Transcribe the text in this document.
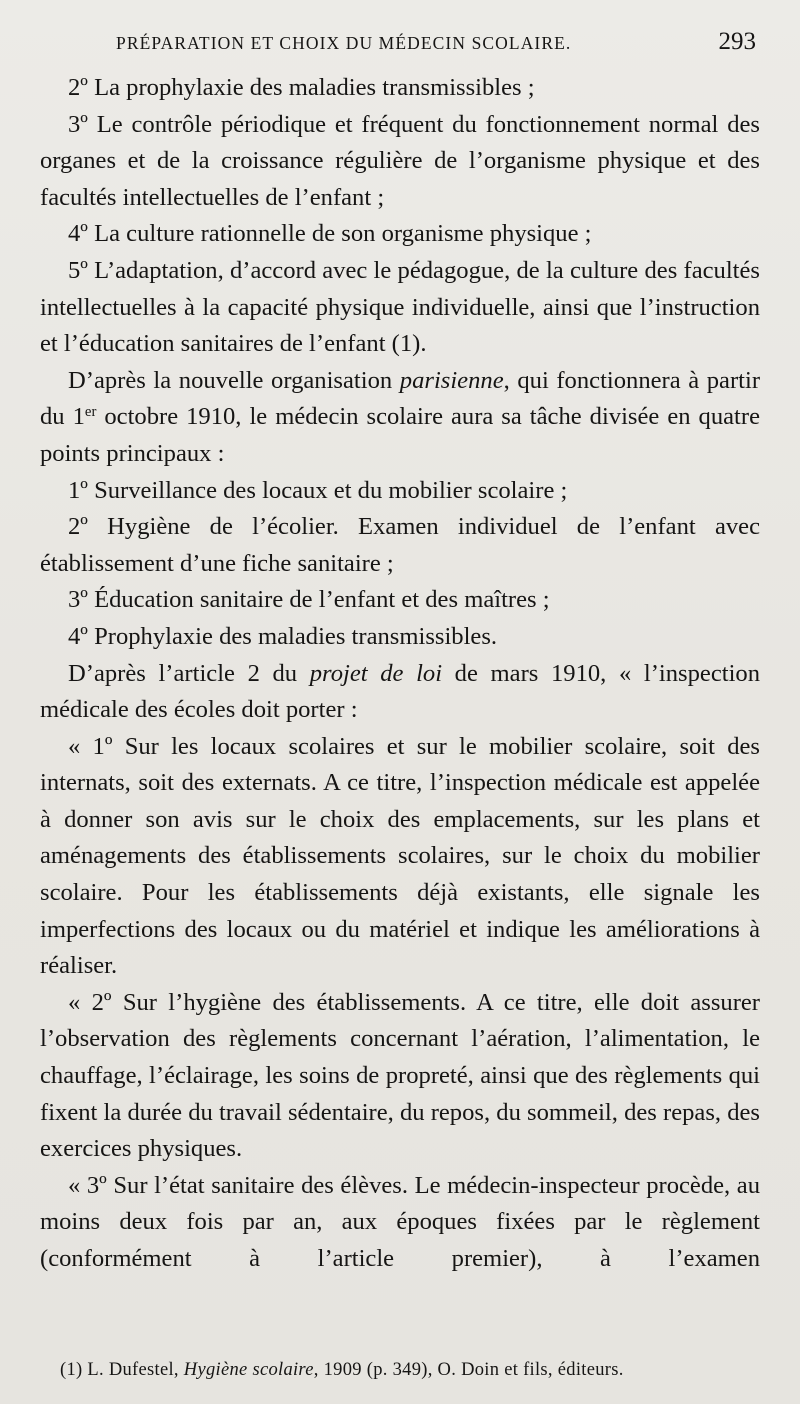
PRÉPARATION ET CHOIX DU MÉDECIN SCOLAIRE.	293

2º La prophylaxie des maladies transmissibles ;

3º Le contrôle périodique et fréquent du fonctionnement normal des organes et de la croissance régulière de l’organisme physique et des facultés intellectuelles de l’enfant ;

4º La culture rationnelle de son organisme physique ;

5º L’adaptation, d’accord avec le pédagogue, de la culture des facultés intellectuelles à la capacité physique individuelle, ainsi que l’instruction et l’éducation sanitaires de l’enfant (1).

D’après la nouvelle organisation parisienne, qui fonctionnera à partir du 1er octobre 1910, le médecin scolaire aura sa tâche divisée en quatre points principaux :

1º Surveillance des locaux et du mobilier scolaire ;

2º Hygiène de l’écolier. Examen individuel de l’enfant avec établissement d’une fiche sanitaire ;

3º Éducation sanitaire de l’enfant et des maîtres ;

4º Prophylaxie des maladies transmissibles.

D’après l’article 2 du projet de loi de mars 1910, « l’inspection médicale des écoles doit porter :

« 1º Sur les locaux scolaires et sur le mobilier scolaire, soit des internats, soit des externats. A ce titre, l’inspection médicale est appelée à donner son avis sur le choix des emplacements, sur les plans et aménagements des établissements scolaires, sur le choix du mobilier scolaire. Pour les établissements déjà existants, elle signale les imperfections des locaux ou du matériel et indique les améliorations à réaliser.

« 2º Sur l’hygiène des établissements. A ce titre, elle doit assurer l’observation des règlements concernant l’aération, l’alimentation, le chauffage, l’éclairage, les soins de propreté, ainsi que des règlements qui fixent la durée du travail sédentaire, du repos, du sommeil, des repas, des exercices physiques.

« 3º Sur l’état sanitaire des élèves. Le médecin-inspecteur procède, au moins deux fois par an, aux époques fixées par le règlement (conformément à l’article premier), à l’examen

(1) L. Dufestel, Hygiène scolaire, 1909 (p. 349), O. Doin et fils, éditeurs.
